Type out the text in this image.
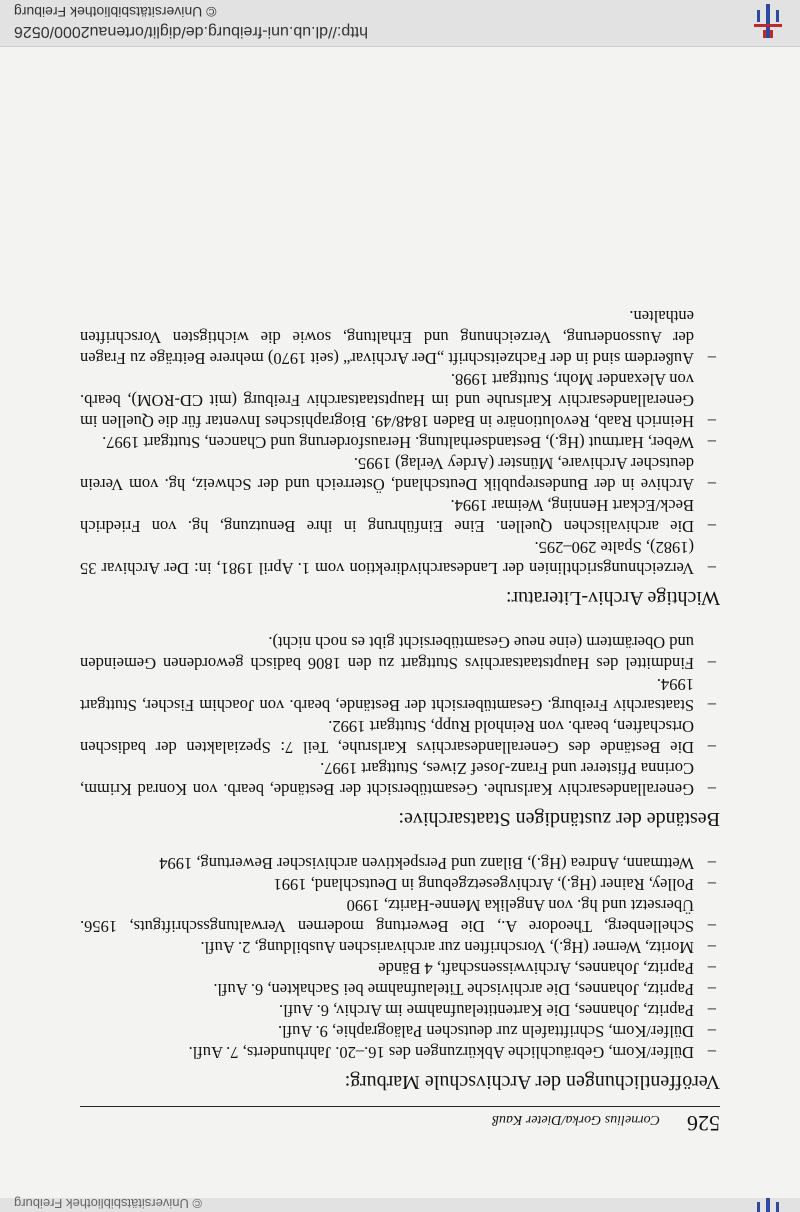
© Universitätsbibliothek Freiburg
http://dl.ub.uni-freiburg.de/diglit/ortenau2000/0526
© Universitätsbibliothek Freiburg
526
Cornelius Gorka/Dieter Kauß
Veröffentlichungen der Archivschule Marburg:
– Dülfer/Korn, Gebräuchliche Abkürzungen des 16.–20. Jahrhunderts, 7. Aufl.
– Dülfer/Korn, Schrifttafeln zur deutschen Paläographie, 9. Aufl.
– Papritz, Johannes, Die Kartentitelaufnahme im Archiv, 6. Aufl.
– Papritz, Johannes, Die archivische Titelaufnahme bei Sachakten, 6. Aufl.
– Papritz, Johannes, Archivwissenschaft, 4 Bände
– Moritz, Werner (Hg.), Vorschriften zur archivarischen Ausbildung, 2. Aufl.
– Schellenberg, Theodore A., Die Bewertung modernen Verwaltungsschriftguts, 1956. Übersetzt und hg. von Angelika Menne-Haritz, 1990
– Polley, Rainer (Hg.), Archivgesetzgebung in Deutschland, 1991
– Wettmann, Andrea (Hg.), Bilanz und Perspektiven archivischer Bewertung, 1994
Bestände der zuständigen Staatsarchive:
– Generallandesarchiv Karlsruhe. Gesamtübersicht der Bestände, bearb. von Konrad Krimm, Corinna Pfisterer und Franz-Josef Ziwes, Stuttgart 1997.
– Die Bestände des Generallandesarchivs Karlsruhe, Teil 7: Spezialakten der badischen Ortschaften, bearb. von Reinhold Rupp, Stuttgart 1992.
– Staatsarchiv Freiburg. Gesamtübersicht der Bestände, bearb. von Joachim Fischer, Stuttgart 1994.
– Findmittel des Hauptstaatsarchivs Stuttgart zu den 1806 badisch gewordenen Gemeinden und Oberämtern (eine neue Gesamtübersicht gibt es noch nicht).
Wichtige Archiv-Literatur:
– Verzeichnungsrichtlinien der Landesarchivdirektion vom 1. April 1981, in: Der Archivar 35 (1982), Spalte 290–295.
– Die archivalischen Quellen. Eine Einführung in ihre Benutzung, hg. von Friedrich Beck/Eckart Henning, Weimar 1994.
– Archive in der Bundesrepublik Deutschland, Österreich und der Schweiz, hg. vom Verein deutscher Archivare, Münster (Ardey Verlag) 1995.
– Weber, Hartmut (Hg.), Bestandserhaltung. Herausforderung und Chancen, Stuttgart 1997.
– Heinrich Raab, Revolutionäre in Baden 1848/49. Biographisches Inventar für die Quellen im Generallandesarchiv Karlsruhe und im Hauptstaatsarchiv Freiburg (mit CD-ROM), bearb. von Alexander Mohr, Stuttgart 1998.
– Außerdem sind in der Fachzeitschrift „Der Archivar“ (seit 1970) mehrere Beiträge zu Fragen der Aussonderung, Verzeichnung und Erhaltung, sowie die wichtigsten Vorschriften enthalten.
